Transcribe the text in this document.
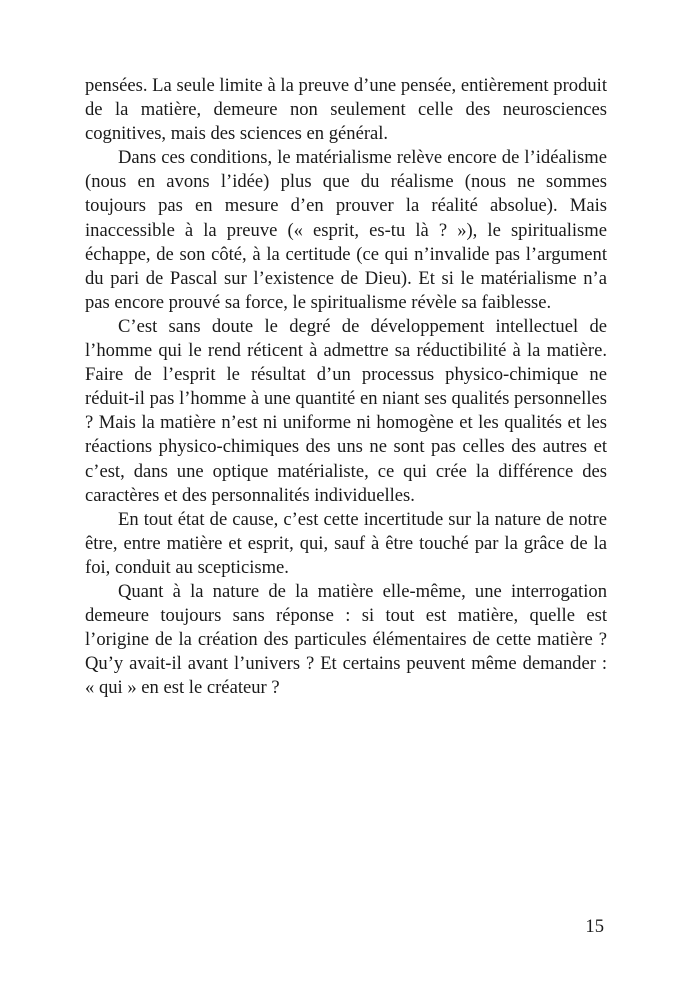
pensées. La seule limite à la preuve d’une pensée, entièrement produit de la matière, demeure non seulement celle des neurosciences cognitives, mais des sciences en général.

Dans ces conditions, le matérialisme relève encore de l’idéalisme (nous en avons l’idée) plus que du réalisme (nous ne sommes toujours pas en mesure d’en prouver la réalité absolue). Mais inaccessible à la preuve (« esprit, es-tu là ? »), le spiritualisme échappe, de son côté, à la certitude (ce qui n’invalide pas l’argument du pari de Pascal sur l’existence de Dieu). Et si le matérialisme n’a pas encore prouvé sa force, le spiritualisme révèle sa faiblesse.

C’est sans doute le degré de développement intellectuel de l’homme qui le rend réticent à admettre sa réductibilité à la matière. Faire de l’esprit le résultat d’un processus physico-chimique ne réduit-il pas l’homme à une quantité en niant ses qualités personnelles ? Mais la matière n’est ni uniforme ni homogène et les qualités et les réactions physico-chimiques des uns ne sont pas celles des autres et c’est, dans une optique matérialiste, ce qui crée la différence des caractères et des personnalités individuelles.

En tout état de cause, c’est cette incertitude sur la nature de notre être, entre matière et esprit, qui, sauf à être touché par la grâce de la foi, conduit au scepticisme.

Quant à la nature de la matière elle-même, une interrogation demeure toujours sans réponse : si tout est matière, quelle est l’origine de la création des particules élémentaires de cette matière ? Qu’y avait-il avant l’univers ? Et certains peuvent même demander : « qui » en est le créateur ?

15
